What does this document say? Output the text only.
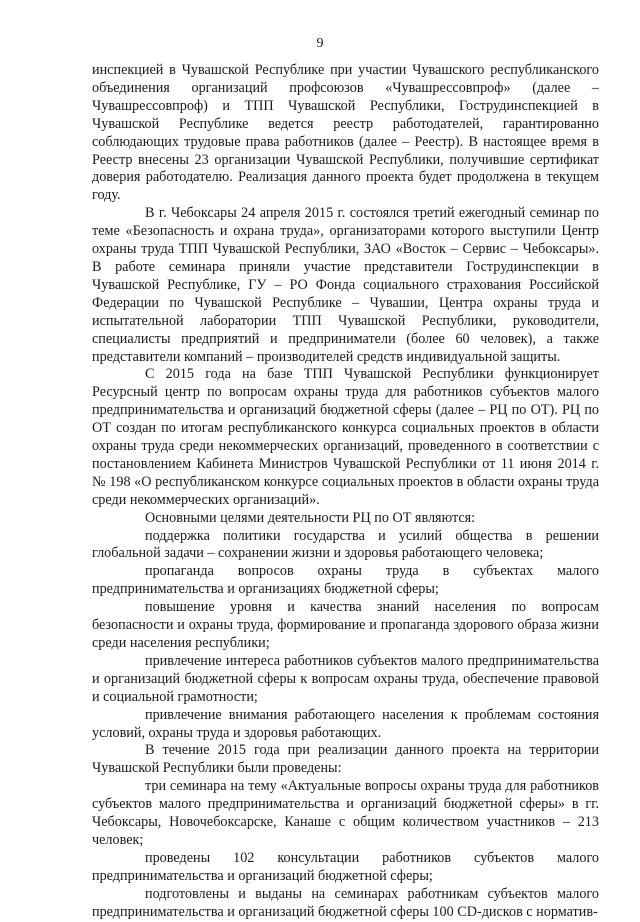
9

инспекцией в Чувашской Республике при участии Чувашского республиканского объединения организаций профсоюзов «Чувашрессовпроф» (далее – Чувашрессовпроф) и ТПП Чувашской Республики, Гострудинспекцией в Чувашской Республике ведется реестр работодателей, гарантированно соблюдающих трудовые права работников (далее – Реестр). В настоящее время в Реестр внесены 23 организации Чувашской Республики, получившие сертификат доверия работодателю. Реализация данного проекта будет продолжена в текущем году.

В г. Чебоксары 24 апреля 2015 г. состоялся третий ежегодный семинар по теме «Безопасность и охрана труда», организаторами которого выступили Центр охраны труда ТПП Чувашской Республики, ЗАО «Восток – Сервис – Чебоксары». В работе семинара приняли участие представители Гострудинспекции в Чувашской Республике, ГУ – РО Фонда социального страхования Российской Федерации по Чувашской Республике – Чувашии, Центра охраны труда и испытательной лаборатории ТПП Чувашской Республики, руководители, специалисты предприятий и предприниматели (более 60 человек), а также представители компаний – производителей средств индивидуальной защиты.

С 2015 года на базе ТПП Чувашской Республики функционирует Ресурсный центр по вопросам охраны труда для работников субъектов малого предпринимательства и организаций бюджетной сферы (далее – РЦ по ОТ). РЦ по ОТ создан по итогам республиканского конкурса социальных проектов в области охраны труда среди некоммерческих организаций, проведенного в соответствии с постановлением Кабинета Министров Чувашской Республики от 11 июня 2014 г. № 198 «О республиканском конкурсе социальных проектов в области охраны труда среди некоммерческих организаций».

Основными целями деятельности РЦ по ОТ являются:

поддержка политики государства и усилий общества в решении глобальной задачи – сохранении жизни и здоровья работающего человека;

пропаганда вопросов охраны труда в субъектах малого предпринимательства и организациях бюджетной сферы;

повышение уровня и качества знаний населения по вопросам безопасности и охраны труда, формирование и пропаганда здорового образа жизни среди населения республики;

привлечение интереса работников субъектов малого предпринимательства и организаций бюджетной сферы к вопросам охраны труда, обеспечение правовой и социальной грамотности;

привлечение внимания работающего населения к проблемам состояния условий, охраны труда и здоровья работающих.

В течение 2015 года при реализации данного проекта на территории Чувашской Республики были проведены:

три семинара на тему «Актуальные вопросы охраны труда для работников субъектов малого предпринимательства и организаций бюджетной сферы» в гг. Чебоксары, Новочебоксарске, Канаше с общим количеством участников – 213 человек;

проведены 102 консультации работников субъектов малого предпринимательства и организаций бюджетной сферы;

подготовлены и выданы на семинарах работникам субъектов малого предпринимательства и организаций бюджетной сферы 100 CD-дисков с норматив-
